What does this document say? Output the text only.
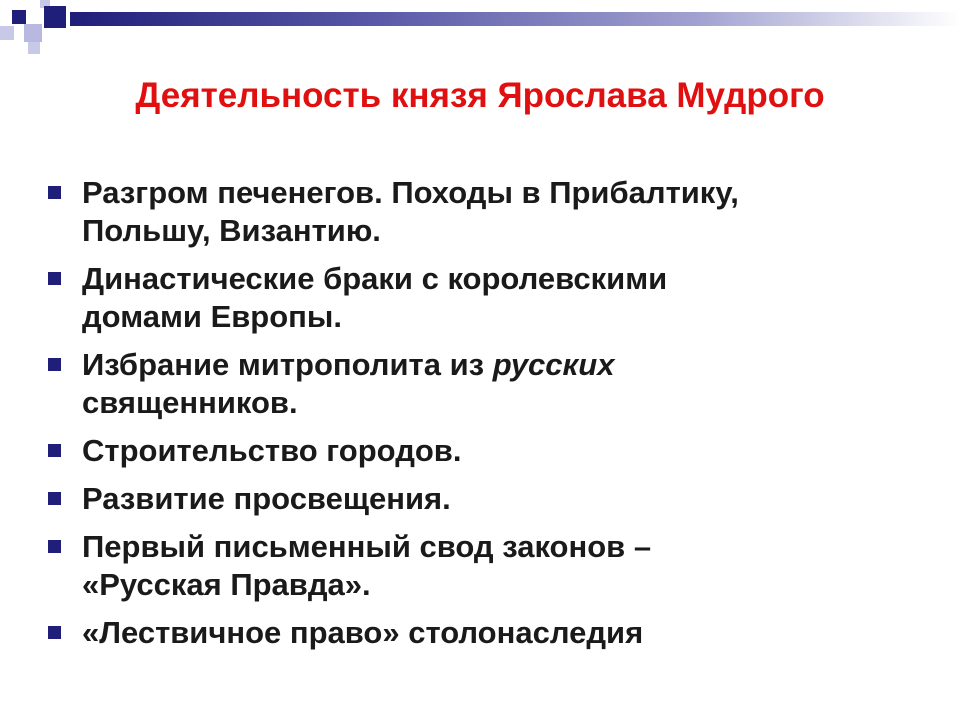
Деятельность князя Ярослава Мудрого
Разгром печенегов. Походы в Прибалтику,
Польшу, Византию.
Династические браки с королевскими
домами Европы.
Избрание митрополита из русских
священников.
Строительство городов.
Развитие просвещения.
Первый письменный свод законов –
«Русская Правда».
«Лествичное право» столонаследия
